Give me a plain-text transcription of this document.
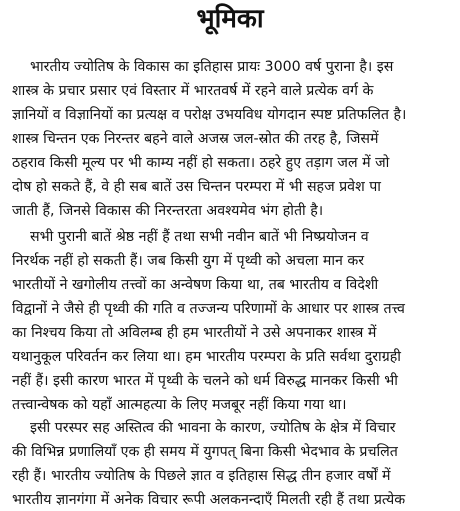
भूमिका
भारतीय ज्योतिष के विकास का इतिहास प्रायः 3000 वर्ष पुराना है। इस
शास्त्र के प्रचार प्रसार एवं विस्तार में भारतवर्ष में रहने वाले प्रत्येक वर्ग के
ज्ञानियों व विज्ञानियों का प्रत्यक्ष व परोक्ष उभयविध योगदान स्पष्ट प्रतिफलित है।
शास्त्र चिन्तन एक निरन्तर बहने वाले अजस्र जल-स्रोत की तरह है, जिसमें
ठहराव किसी मूल्य पर भी काम्य नहीं हो सकता। ठहरे हुए तड़ाग जल में जो
दोष हो सकते हैं, वे ही सब बातें उस चिन्तन परम्परा में भी सहज प्रवेश पा
जाती हैं, जिनसे विकास की निरन्तरता अवश्यमेव भंग होती है।
सभी पुरानी बातें श्रेष्ठ नहीं हैं तथा सभी नवीन बातें भी निष्प्रयोजन व
निरर्थक नहीं हो सकती हैं। जब किसी युग में पृथ्वी को अचला मान कर
भारतीयों ने खगोलीय तत्त्वों का अन्वेषण किया था, तब भारतीय व विदेशी
विद्वानों ने जैसे ही पृथ्वी की गति व तज्जन्य परिणामों के आधार पर शास्त्र तत्त्व
का निश्चय किया तो अविलम्ब ही हम भारतीयों ने उसे अपनाकर शास्त्र में
यथानुकूल परिवर्तन कर लिया था। हम भारतीय परम्परा के प्रति सर्वथा दुराग्रही
नहीं हैं। इसी कारण भारत में पृथ्वी के चलने को धर्म विरुद्ध मानकर किसी भी
तत्त्वान्वेषक को यहाँ आत्महत्या के लिए मजबूर नहीं किया गया था।
इसी परस्पर सह अस्तित्व की भावना के कारण, ज्योतिष के क्षेत्र में विचार
की विभिन्न प्रणालियाँ एक ही समय में युगपत् बिना किसी भेदभाव के प्रचलित
रही हैं। भारतीय ज्योतिष के पिछले ज्ञात व इतिहास सिद्ध तीन हजार वर्षों में
भारतीय ज्ञानगंगा में अनेक विचार रूपी अलकनन्दाएँ मिलती रही हैं तथा प्रत्येक
